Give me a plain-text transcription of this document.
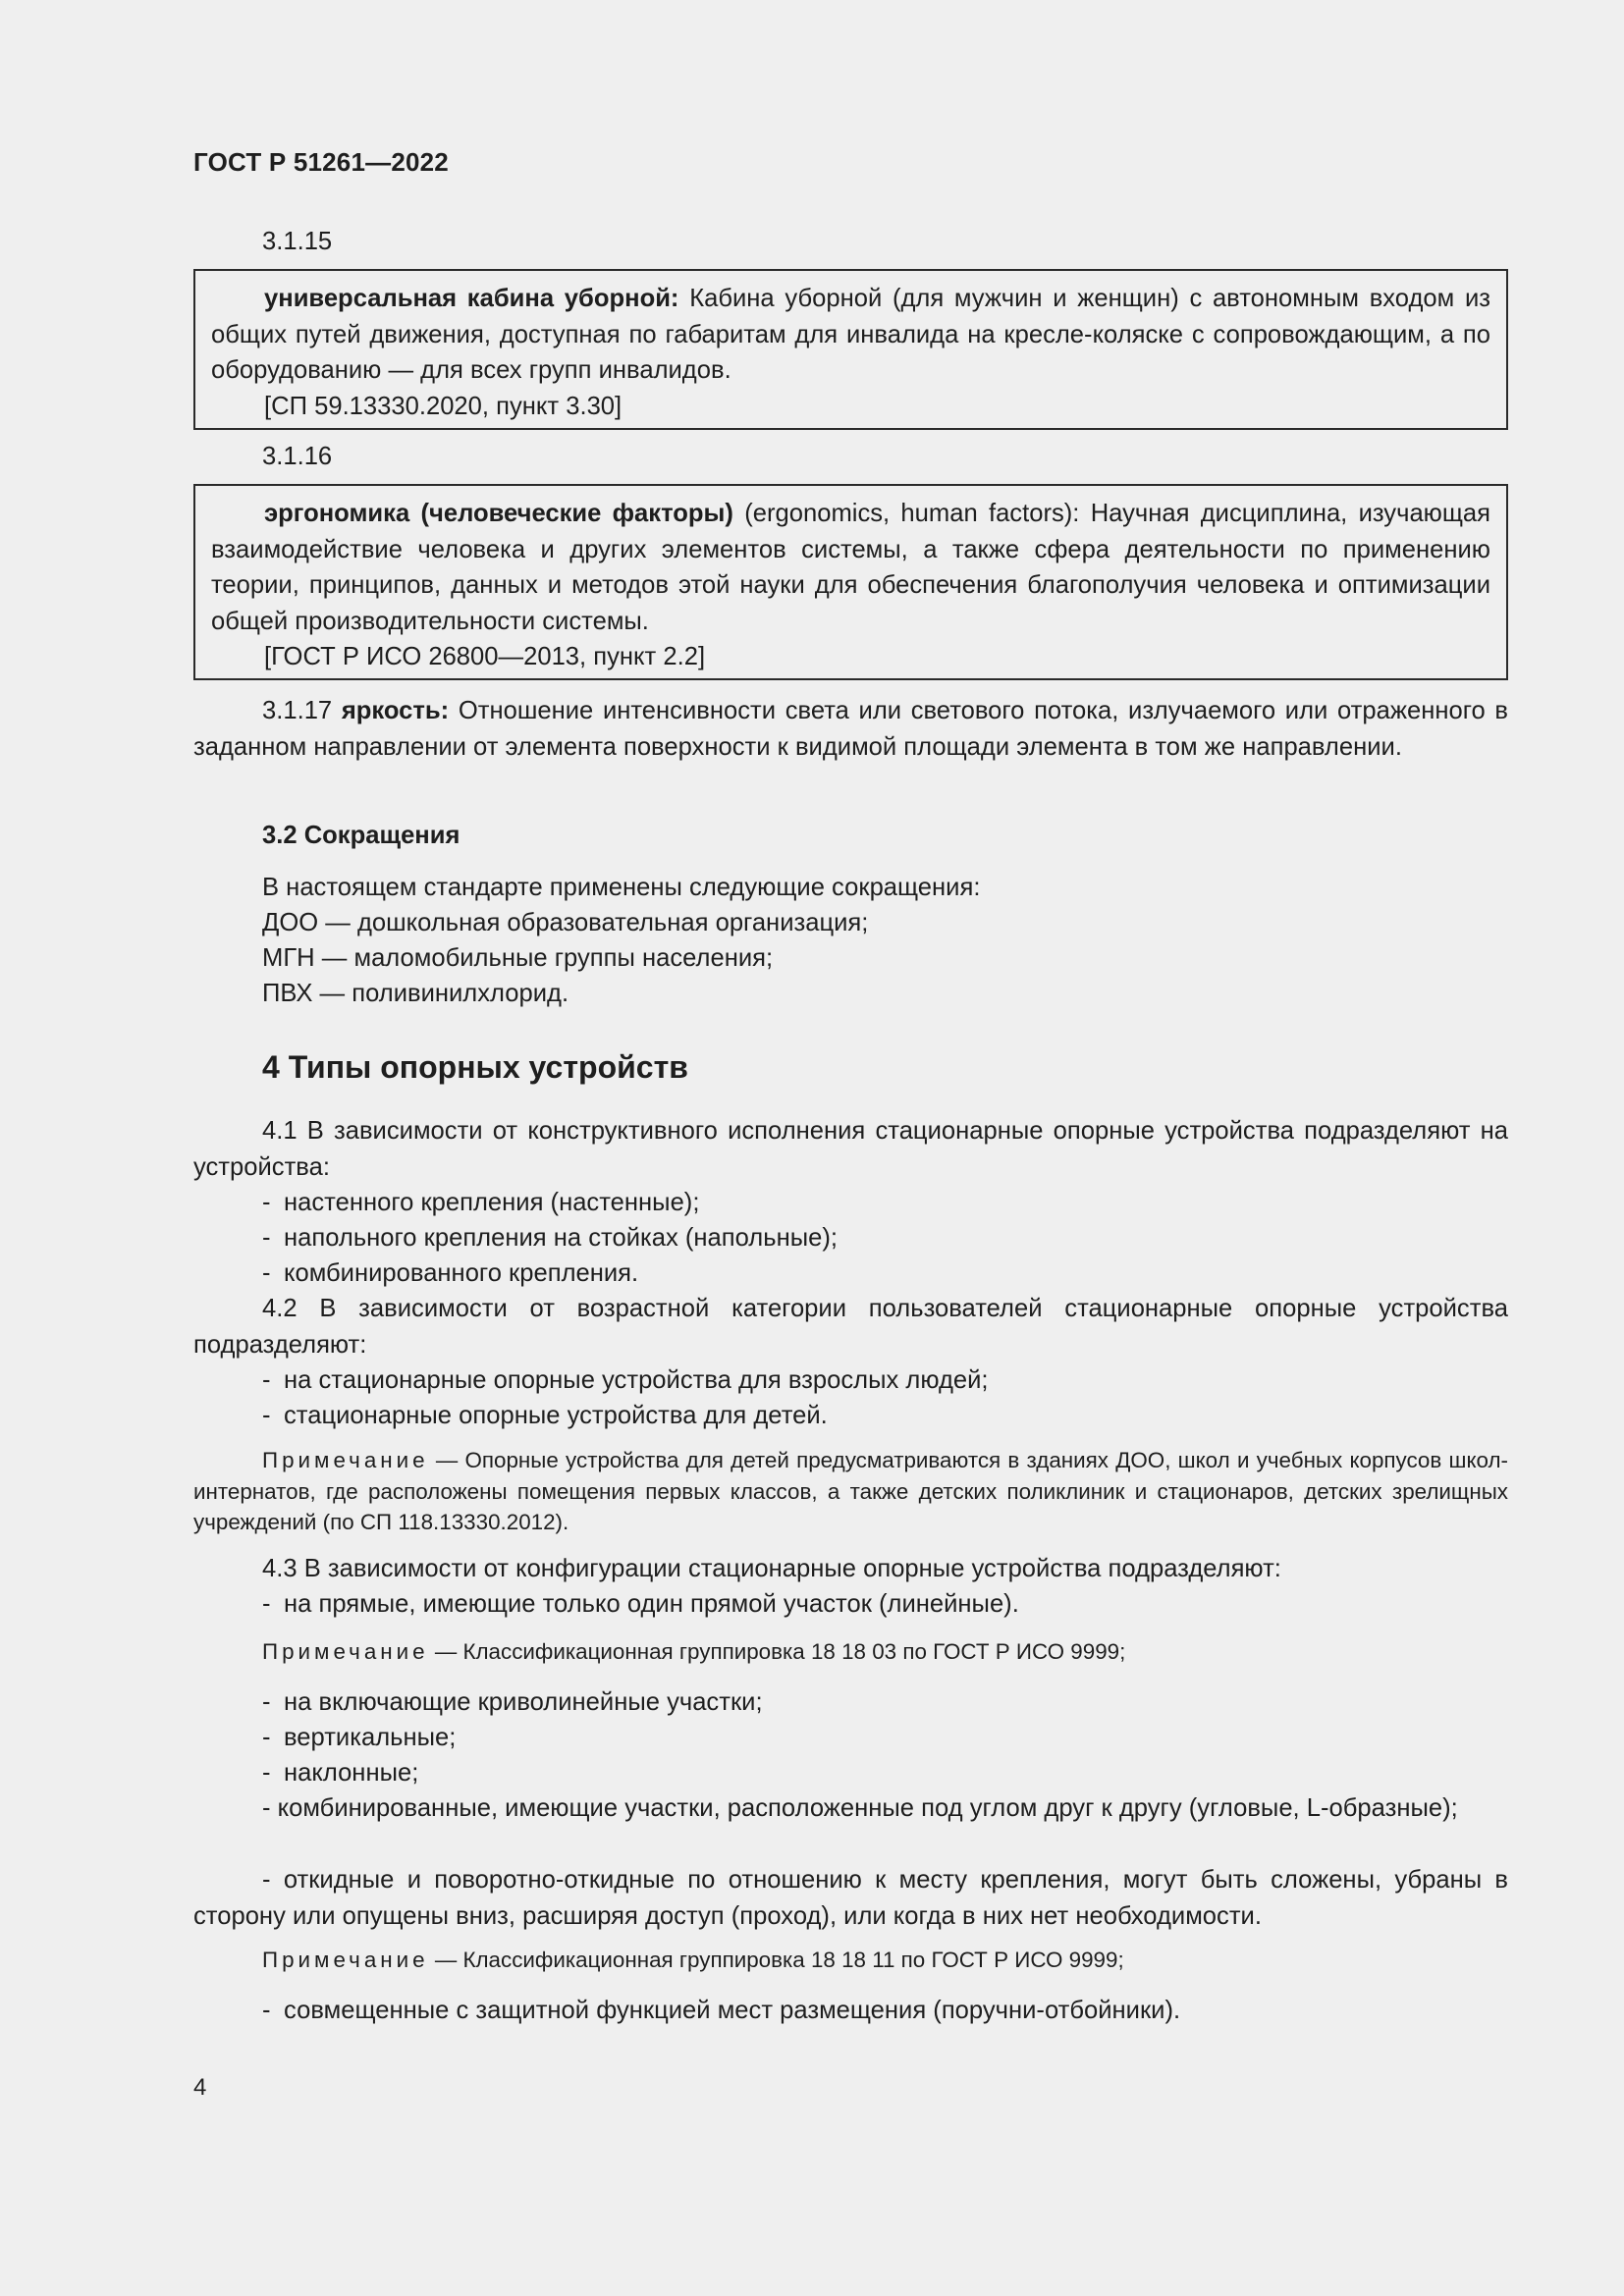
ГОСТ Р 51261—2022
3.1.15

универсальная кабина уборной: Кабина уборной (для мужчин и женщин) с автономным входом из общих путей движения, доступная по габаритам для инвалида на кресле-коляске с сопровождающим, а по оборудованию — для всех групп инвалидов.

[СП 59.13330.2020, пункт 3.30]

3.1.16

эргономика (человеческие факторы) (ergonomics, human factors): Научная дисциплина, изучающая взаимодействие человека и других элементов системы, а также сфера деятельности по применению теории, принципов, данных и методов этой науки для обеспечения благополучия человека и оптимизации общей производительности системы.

[ГОСТ Р ИСО 26800—2013, пункт 2.2]

3.1.17 яркость: Отношение интенсивности света или светового потока, излучаемого или отраженного в заданном направлении от элемента поверхности к видимой площади элемента в том же направлении.
3.2 Сокращения
В настоящем стандарте применены следующие сокращения:
ДОО — дошкольная образовательная организация;
МГН — маломобильные группы населения;
ПВХ — поливинилхлорид.
4 Типы опорных устройств
4.1 В зависимости от конструктивного исполнения стационарные опорные устройства подразделяют на устройства:
- настенного крепления (настенные);
- напольного крепления на стойках (напольные);
- комбинированного крепления.
4.2 В зависимости от возрастной категории пользователей стационарные опорные устройства подразделяют:
- на стационарные опорные устройства для взрослых людей;
- стационарные опорные устройства для детей.
Примечание — Опорные устройства для детей предусматриваются в зданиях ДОО, школ и учебных корпусов школ-интернатов, где расположены помещения первых классов, а также детских поликлиник и стационаров, детских зрелищных учреждений (по СП 118.13330.2012).
4.3 В зависимости от конфигурации стационарные опорные устройства подразделяют:
- на прямые, имеющие только один прямой участок (линейные).
Примечание — Классификационная группировка 18 18 03 по ГОСТ Р ИСО 9999;
- на включающие криволинейные участки;
- вертикальные;
- наклонные;
- комбинированные, имеющие участки, расположенные под углом друг к другу (угловые, L-образные);
- откидные и поворотно-откидные по отношению к месту крепления, могут быть сложены, убраны в сторону или опущены вниз, расширяя доступ (проход), или когда в них нет необходимости.
Примечание — Классификационная группировка 18 18 11 по ГОСТ Р ИСО 9999;
- совмещенные с защитной функцией мест размещения (поручни-отбойники).
4
